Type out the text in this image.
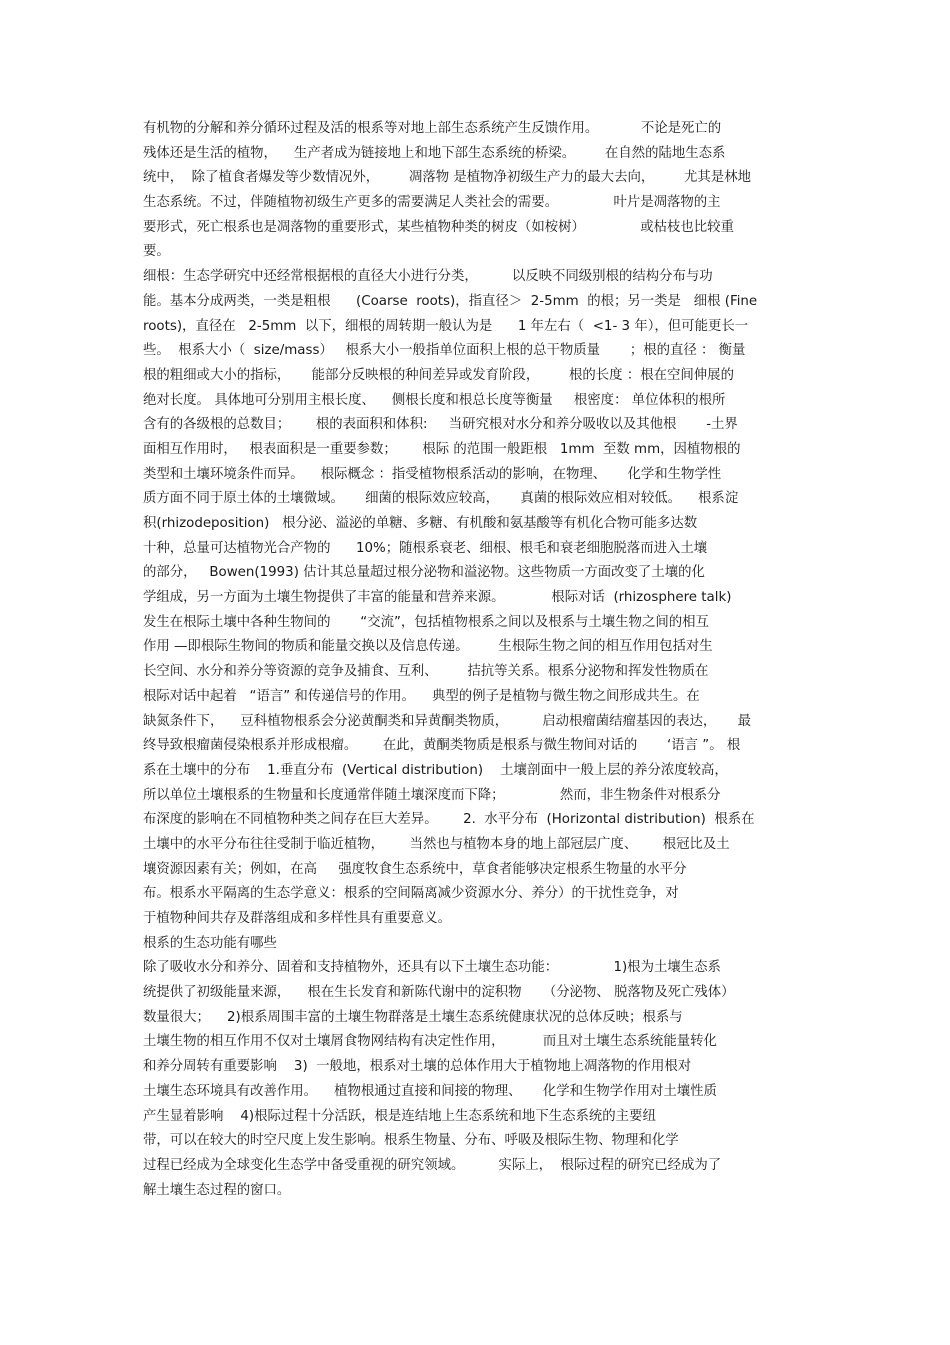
有机物的分解和养分循环过程及活的根系等对地上部生态系统产生反馈作用。          不论是死亡的
残体还是生活的植物，    生产者成为链接地上和地下部生态系统的桥梁。       在自然的陆地生态系
统中，  除了植食者爆发等少数情况外，       凋落物 是植物净初级生产力的最大去向，       尤其是林地
生态系统。不过，伴随植物初级生产更多的需要满足人类社会的需要。             叶片是凋落物的主
要形式，死亡根系也是凋落物的重要形式，某些植物种类的树皮（如桉树）             或枯枝也比较重
要。
细根：生态学研究中还经常根据根的直径大小进行分类，        以反映不同级别根的结构分布与功
能。基本分成两类，一类是粗根      (Coarse  roots)，指直径＞  2-5mm  的根；另一类是   细根 (Fine
roots)，直径在   2-5mm  以下，细根的周转期一般认为是      1 年左右（  <1- 3 年），但可能更长一
些。  根系大小（  size/mass）   根系大小一般指单位面积上根的总干物质量       ；根的直径 ： 衡量
根的粗细或大小的指标，     能部分反映根的种间差异或发育阶段，       根的长度 ：根在空间伸展的
绝对长度。 具体地可分别用主根长度、    侧根长度和根总长度等衡量     根密度： 单位体积的根所
含有的各级根的总数目；      根的表面积和体积:     当研究根对水分和养分吸收以及其他根       -土界
面相互作用时，   根表面积是一重要参数；      根际 的范围一般距根   1mm  至数 mm，因植物根的
类型和土壤环境条件而异。    根际概念 ：指受植物根系活动的影响，在物理、     化学和生物学性
质方面不同于原土体的土壤微域。     细菌的根际效应较高，     真菌的根际效应相对较低。    根系淀
积(rhizodeposition)   根分泌、溢泌的单糖、多糖、有机酸和氨基酸等有机化合物可能多达数
十种，总量可达植物光合产物的      10%；随根系衰老、细根、根毛和衰老细胞脱落而进入土壤
的部分，   Bowen(1993) 估计其总量超过根分泌物和溢泌物。这些物质一方面改变了土壤的化
学组成，另一方面为土壤生物提供了丰富的能量和营养来源。           根际对话  (rhizosphere talk)
发生在根际土壤中各种生物间的       “交流”，包括植物根系之间以及根系与土壤生物之间的相互
作用 —即根际生物间的物质和能量交换以及信息传递。       生根际生物之间的相互作用包括对生
长空间、水分和养分等资源的竞争及捕食、互利、       拮抗等关系。根系分泌物和挥发性物质在
根际对话中起着   “语言” 和传递信号的作用。    典型的例子是植物与微生物之间形成共生。在
缺氮条件下，    豆科植物根系会分泌黄酮类和异黄酮类物质，        启动根瘤菌结瘤基因的表达，     最
终导致根瘤菌侵染根系并形成根瘤。      在此，黄酮类物质是根系与微生物间对话的       ‘语言 ”。 根
系在土壤中的分布    1.垂直分布  (Vertical distribution)    土壤剖面中一般上层的养分浓度较高，
所以单位土壤根系的生物量和长度通常伴随土壤深度而下降；             然而，非生物条件对根系分
布深度的影响在不同植物种类之间存在巨大差异。      2.  水平分布  (Horizontal distribution)  根系在
土壤中的水平分布往往受制于临近植物，      当然也与植物本身的地上部冠层广度、      根冠比及土
壤资源因素有关；例如，在高     强度牧食生态系统中，草食者能够决定根系生物量的水平分
布。根系水平隔离的生态学意义：根系的空间隔离减少资源水分、养分）的干扰性竞争，对
于植物种间共存及群落组成和多样性具有重要意义。
根系的生态功能有哪些
除了吸收水分和养分、固着和支持植物外，还具有以下土壤生态功能：             1)根为土壤生态系
统提供了初级能量来源，    根在生长发育和新陈代谢中的淀积物     （分泌物、 脱落物及死亡残体）
数量很大；    2)根系周围丰富的土壤生物群落是土壤生态系统健康状况的总体反映；根系与
土壤生物的相互作用不仅对土壤屑食物网结构有决定性作用，         而且对土壤生态系统能量转化
和养分周转有重要影响    3)  一般地，根系对土壤的总体作用大于植物地上凋落物的作用根对
土壤生态环境具有改善作用。    植物根通过直接和间接的物理、     化学和生物学作用对土壤性质
产生显着影响    4)根际过程十分活跃，根是连结地上生态系统和地下生态系统的主要纽
带，可以在较大的时空尺度上发生影响。根系生物量、分布、呼吸及根际生物、物理和化学
过程已经成为全球变化生态学中备受重视的研究领域。        实际上，  根际过程的研究已经成为了
解土壤生态过程的窗口。
